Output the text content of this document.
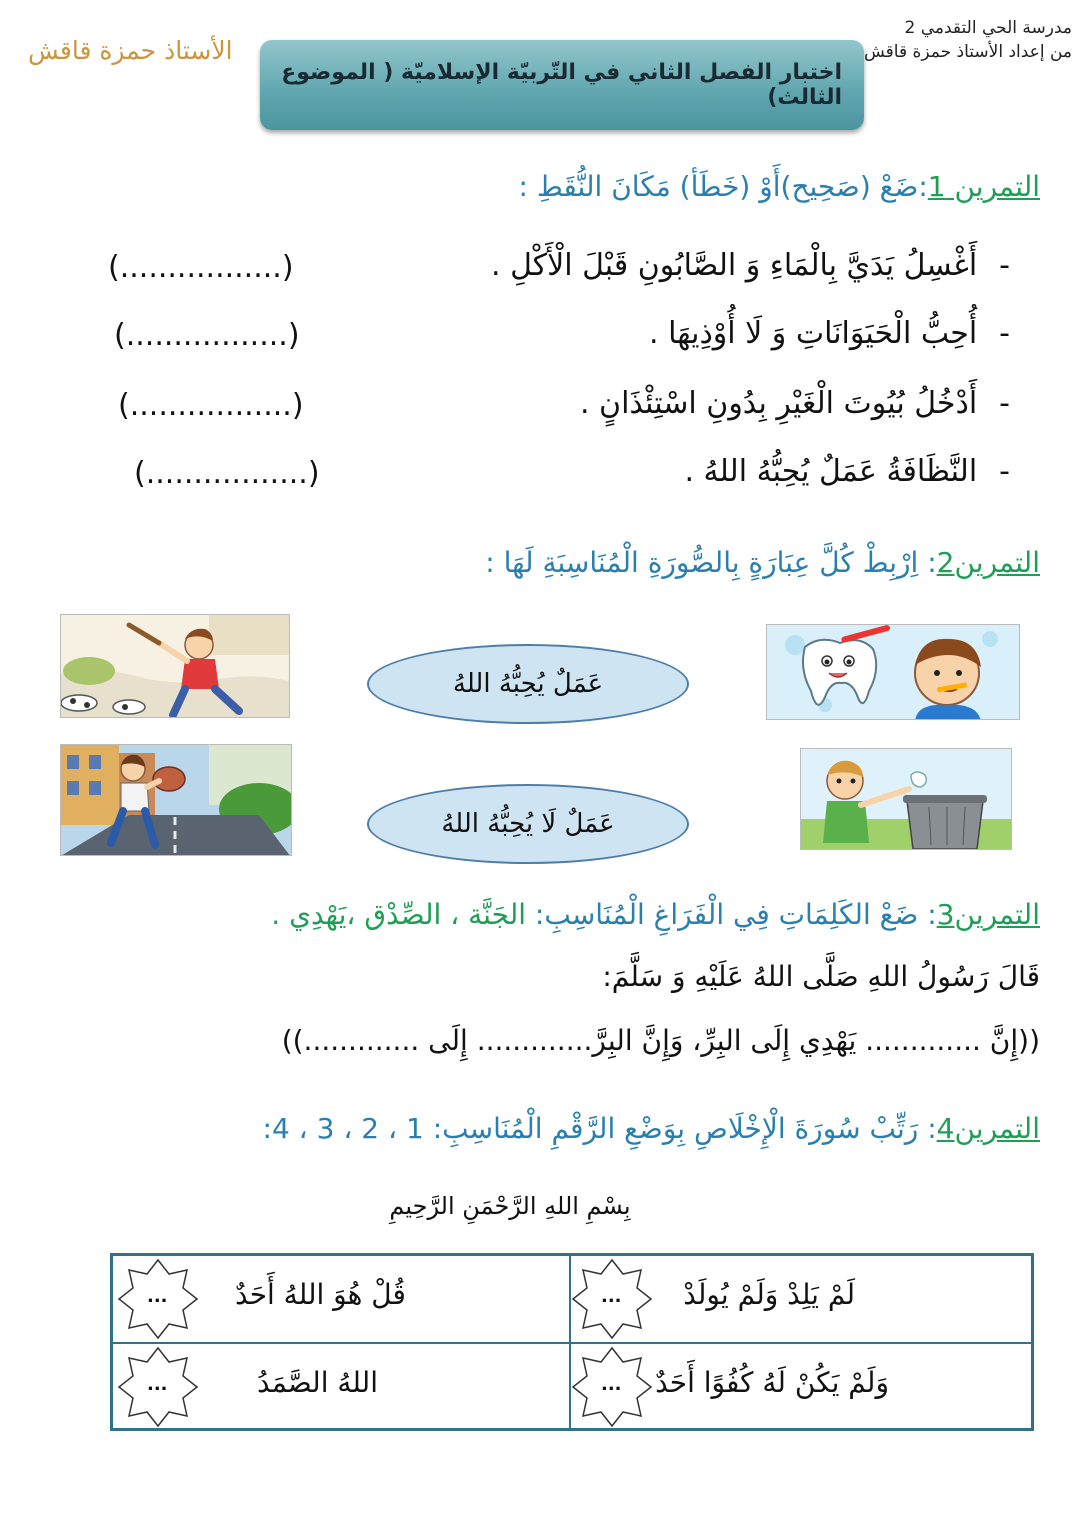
مدرسة الحي التقدمي 2
من إعداد الأستاذ حمزة قاقش
الأستاذ حمزة قاقش
اختبار الفصل الثاني في التّربيّة الإسلاميّة ( الموضوع الثالث)
التمرين 1:ضَعْ (صَحِيح)أَوْ (خَطَأ) مَكَانَ النُّقَطِ :
-أَغْسِلُ يَدَيَّ بِالْمَاءِ وَ الصَّابُونِ قَبْلَ الْأَكْلِ .
(.................)
-أُحِبُّ الْحَيَوَانَاتِ وَ لَا أُوْذِيهَا .
(.................)
-أَدْخُلُ بُيُوتَ الْغَيْرِ بِدُونِ اسْتِئْذَانٍ .
(.................)
-النَّظَافَةُ عَمَلٌ يُحِبُّهُ اللهُ .
(.................)
التمرين2: اِرْبِطْ كُلَّ عِبَارَةٍ بِالصُّورَةِ الْمُنَاسِبَةِ لَهَا :
عَمَلٌ يُحِبُّهُ اللهُ
عَمَلٌ لَا يُحِبُّهُ اللهُ
التمرين3: ضَعْ الكَلِمَاتِ فِي الْفَرَاغِ الْمُنَاسِبِ: الجَنَّة ، الصِّدْق ،يَهْدِي .
قَالَ رَسُولُ اللهِ صَلَّى اللهُ عَلَيْهِ وَ سَلَّمَ:
((إِنَّ ............. يَهْدِي إِلَى البِرِّ، وَإِنَّ البِرَّ............. إِلَى .............))
التمرين4: رَتِّبْ سُورَةَ الْإِخْلَاصِ بِوَضْعِ الرَّقْمِ الْمُنَاسِبِ: 1 ، 2 ، 3 ، 4:
بِسْمِ اللهِ الرَّحْمَنِ الرَّحِيمِ
لَمْ يَلِدْ وَلَمْ يُولَدْ
...
قُلْ هُوَ اللهُ أَحَدٌ
...
وَلَمْ يَكُنْ لَهُ كُفُوًا أَحَدٌ
...
اللهُ الصَّمَدُ
...
